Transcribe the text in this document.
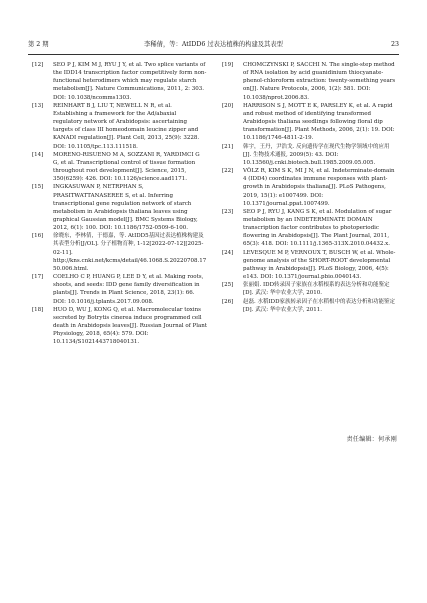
第 2 期	李稀倩，等：AtIDD6 过表达植株的构建及其表型	23
[12]	SEO P J, KIM M J, RYU J Y, et al. Two splice variants of the IDD14 transcription factor competitively form non-functional heterodimers which may regulate starch metabolism[J]. Nature Communications, 2011, 2: 303. DOI: 10.1038/ncomms1303.
[13]	REINHART B J, LIU T, NEWELL N R, et al. Establishing a framework for the Ad/abaxial regulatory network of Arabidopsis: ascertaining targets of class III homeodomain leucine zipper and KANADI regulation[J]. Plant Cell, 2013, 25(9): 3228. DOI: 10.1105/tpc.113.111518.
[14]	MORENO-RISUENO M A, SOZZANI R, YARDIMCI G G, et al. Transcriptional control of tissue formation throughout root development[J]. Science, 2015, 350(6259): 426. DOI: 10.1126/science.aad1171.
[15]	INGKASUWAN P, NETRPHAN S, PRASITWATTANASEREE S, et al. Inferring transcriptional gene regulation network of starch metabolism in Arabidopsis thaliana leaves using graphical Gaussian model[J]. BMC Systems Biology, 2012, 6(1): 100. DOI: 10.1186/1752-0509-6-100.
[16]	徐晓东，李林倩，于德嘉，等. AtIDD5基因过表达植株构建及其表型分析[J/OL]. 分子植物育种, 1-12[2022-07-12][2025-02-11]. http://kns.cnki.net/kcms/detail/46.1068.S.20220708.1750.006.html.
[17]	COELHO C P, HUANG P, LEE D Y, et al. Making roots, shoots, and seeds: IDD gene family diversification in plants[J]. Trends in Plant Science, 2018, 23(1): 66. DOI: 10.1016/j.tplants.2017.09.008.
[18]	HUO D, WU J, KONG Q, et al. Macromolecular toxins secreted by Botrytis cinerea induce programmed cell death in Arabidopsis leaves[J]. Russian Journal of Plant Physiology, 2018, 65(4): 579. DOI: 10.1134/S1021443718040131.
[19]	CHOMCZYNSKI P, SACCHI N. The single-step method of RNA isolation by acid guanidinium thiocyanate-phenol-chloroform extraction: twenty-something years on[J]. Nature Protocols, 2006, 1(2): 581. DOI: 10.1038/nprot.2006.83.
[20]	HARRISON S J, MOTT E K, PARSLEY K, et al. A rapid and robust method of identifying transformed Arabidopsis thaliana seedlings following floral dip transformation[J]. Plant Methods, 2006, 2(1): 19. DOI: 10.1186/1746-4811-2-19.
[21]	韩宇，王丹，尹浩戈. 反向遗传学在现代生物学领域中的应用[J]. 生物技术通报, 2009(5): 43. DOI: 10.13560/j.cnki.biotech.bull.1985.2009.05.005.
[22]	VÖLZ R, KIM S K, MI J N, et al. Indeterminate-domain 4 (IDD4) coordinates immune responses with plant-growth in Arabidopsis thaliana[J]. PLoS Pathogens, 2019, 15(1): e1007499. DOI: 10.1371/journal.ppat.1007499.
[23]	SEO P J, RYU J, KANG S K, et al. Modulation of sugar metabolism by an INDETERMINATE DOMAIN transcription factor contributes to photoperiodic flowering in Arabidopsis[J]. The Plant Journal, 2011, 65(3): 418. DOI: 10.1111/j.1365-313X.2010.04432.x.
[24]	LEVESQUE M P, VERNOUX T, BUSCH W, et al. Whole-genome analysis of the SHORT-ROOT developmental pathway in Arabidopsis[J]. PLoS Biology, 2006, 4(5): e143. DOI: 10.1371/journal.pbio.0040143.
[25]	张丽娟. IDD转录因子家族在水稻根系的表达分析和功能鉴定[D]. 武汉: 华中农业大学, 2010.
[26]	赵磊. 水稻IDD家族转录因子在水稻根中的表达分析和功能鉴定[D]. 武汉: 华中农业大学, 2011.
责任编辑：何承刚
